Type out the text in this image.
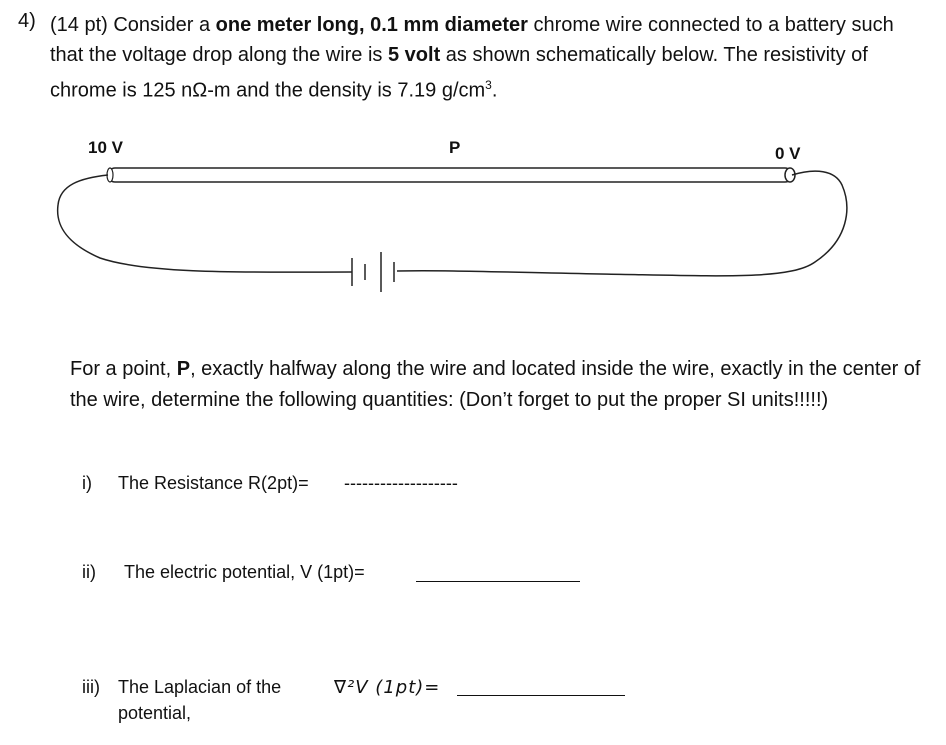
4) (14 pt) Consider a one meter long, 0.1 mm diameter chrome wire connected to a battery such that the voltage drop along the wire is 5 volt as shown schematically below. The resistivity of chrome is 125 nΩ-m and the density is 7.19 $g/cm^3$.
10 V	P	0 V
For a point, P, exactly halfway along the wire and located inside the wire, exactly in the center of the wire, determine the following quantities: (Don’t forget to put the proper SI units!!!!!)
i) The Resistance R(2pt)= -------------------
ii) The electric potential, V (1pt)=
iii) The Laplacian of the
potential,
∇²V (1pt)=
